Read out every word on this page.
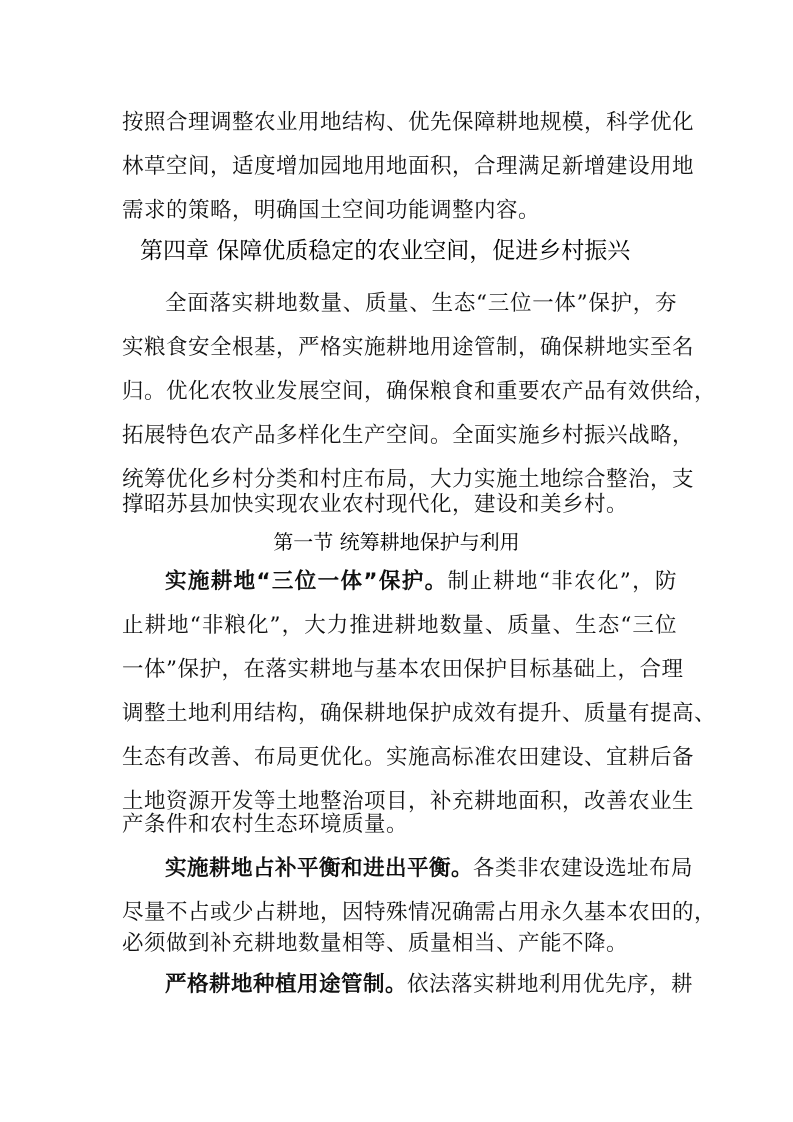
按照合理调整农业用地结构、优先保障耕地规模，科学优化
林草空间，适度增加园地用地面积，合理满足新增建设用地
需求的策略，明确国土空间功能调整内容。
第四章 保障优质稳定的农业空间，促进乡村振兴
全面落实耕地数量、质量、生态“三位一体”保护，夯
实粮食安全根基，严格实施耕地用途管制，确保耕地实至名
归。优化农牧业发展空间，确保粮食和重要农产品有效供给，
拓展特色农产品多样化生产空间。全面实施乡村振兴战略，
统筹优化乡村分类和村庄布局，大力实施土地综合整治，支
撑昭苏县加快实现农业农村现代化，建设和美乡村。
第一节 统筹耕地保护与利用
实施耕地“三位一体”保护。制止耕地“非农化”，防
止耕地“非粮化”，大力推进耕地数量、质量、生态“三位
一体”保护，在落实耕地与基本农田保护目标基础上，合理
调整土地利用结构，确保耕地保护成效有提升、质量有提高、
生态有改善、布局更优化。实施高标准农田建设、宜耕后备
土地资源开发等土地整治项目，补充耕地面积，改善农业生
产条件和农村生态环境质量。
实施耕地占补平衡和进出平衡。各类非农建设选址布局
尽量不占或少占耕地，因特殊情况确需占用永久基本农田的，
必须做到补充耕地数量相等、质量相当、产能不降。
严格耕地种植用途管制。依法落实耕地利用优先序，耕
